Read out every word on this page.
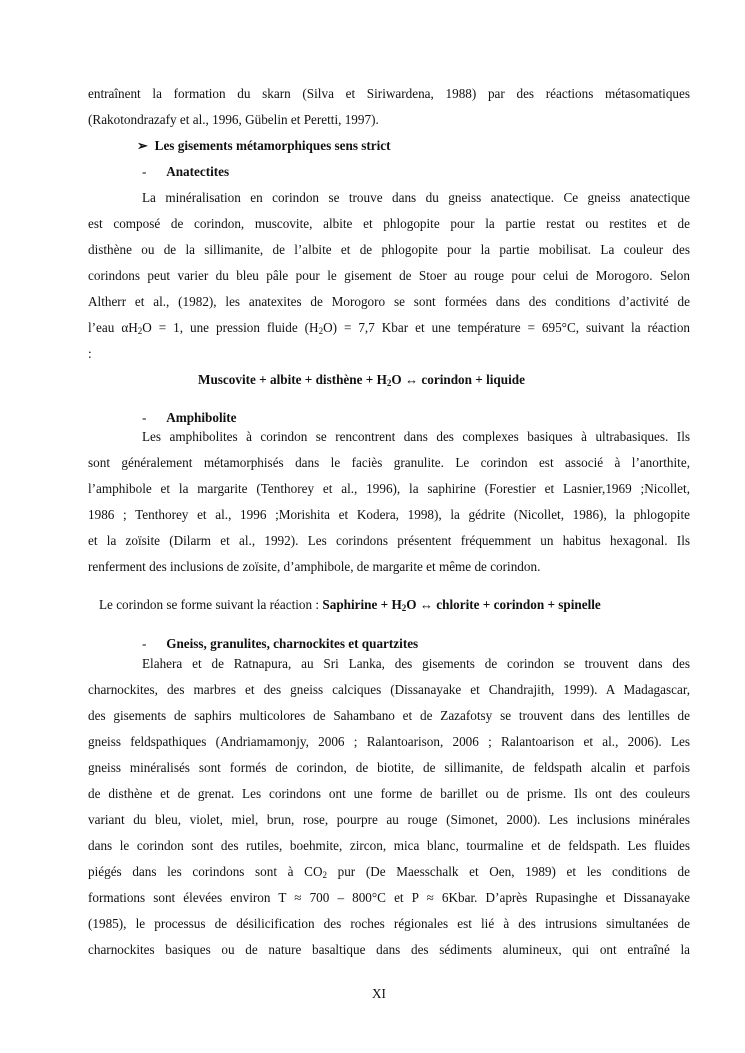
entraînent la formation du skarn (Silva et Siriwardena, 1988) par des réactions métasomatiques
(Rakotondrazafy et al., 1996, Gübelin et Peretti, 1997).
➢ Les gisements métamorphiques sens strict
- Anatectites
La minéralisation en corindon se trouve dans du gneiss anatectique. Ce gneiss anatectique
est composé de corindon, muscovite, albite et phlogopite pour la partie restat ou restites et de
disthène ou de la sillimanite, de l’albite et de phlogopite pour la partie mobilisat. La couleur des
corindons peut varier du bleu pâle pour le gisement de Stoer au rouge pour celui de Morogoro. Selon
Altherr et al., (1982), les anatexites de Morogoro se sont formées dans des conditions d’activité de
l’eau $\alpha H_2O = 1$, une pression fluide $(H_2O) = 7,7$ Kbar et une température = 695°C, suivant la réaction
:
Muscovite + albite + disthène + $H_2O$ ↔ corindon + liquide
- Amphibolite
Les amphibolites à corindon se rencontrent dans des complexes basiques à ultrabasiques. Ils
sont généralement métamorphisés dans le faciès granulite. Le corindon est associé à l’anorthite,
l’amphibole et la margarite (Tenthorey et al., 1996), la saphirine (Forestier et Lasnier,1969 ;Nicollet,
1986 ; Tenthorey et al., 1996 ;Morishita et Kodera, 1998), la gédrite (Nicollet, 1986), la phlogopite
et la zoïsite (Dilarm et al., 1992). Les corindons présentent fréquemment un habitus hexagonal. Ils
renferment des inclusions de zoïsite, d’amphibole, de margarite et même de corindon.
Le corindon se forme suivant la réaction : Saphirine + $H_2O$ ↔ chlorite + corindon + spinelle
- Gneiss, granulites, charnockites et quartzites
Elahera et de Ratnapura, au Sri Lanka, des gisements de corindon se trouvent dans des
charnockites, des marbres et des gneiss calciques (Dissanayake et Chandrajith, 1999). A Madagascar,
des gisements de saphirs multicolores de Sahambano et de Zazafotsy se trouvent dans des lentilles de
gneiss feldspathiques (Andriamamonjy, 2006 ; Ralantoarison, 2006 ; Ralantoarison et al., 2006). Les
gneiss minéralisés sont formés de corindon, de biotite, de sillimanite, de feldspath alcalin et parfois
de disthène et de grenat. Les corindons ont une forme de barillet ou de prisme. Ils ont des couleurs
variant du bleu, violet, miel, brun, rose, pourpre au rouge (Simonet, 2000). Les inclusions minérales
dans le corindon sont des rutiles, boehmite, zircon, mica blanc, tourmaline et de feldspath. Les fluides
piégés dans les corindons sont à $CO_2$ pur (De Maesschalk et Oen, 1989) et les conditions de
formations sont élevées environ T ≈ 700 – 800°C et P ≈ 6Kbar. D’après Rupasinghe et Dissanayake
(1985), le processus de désilicification des roches régionales est lié à des intrusions simultanées de
charnockites basiques ou de nature basaltique dans des sédiments alumineux, qui ont entraîné la
XI
